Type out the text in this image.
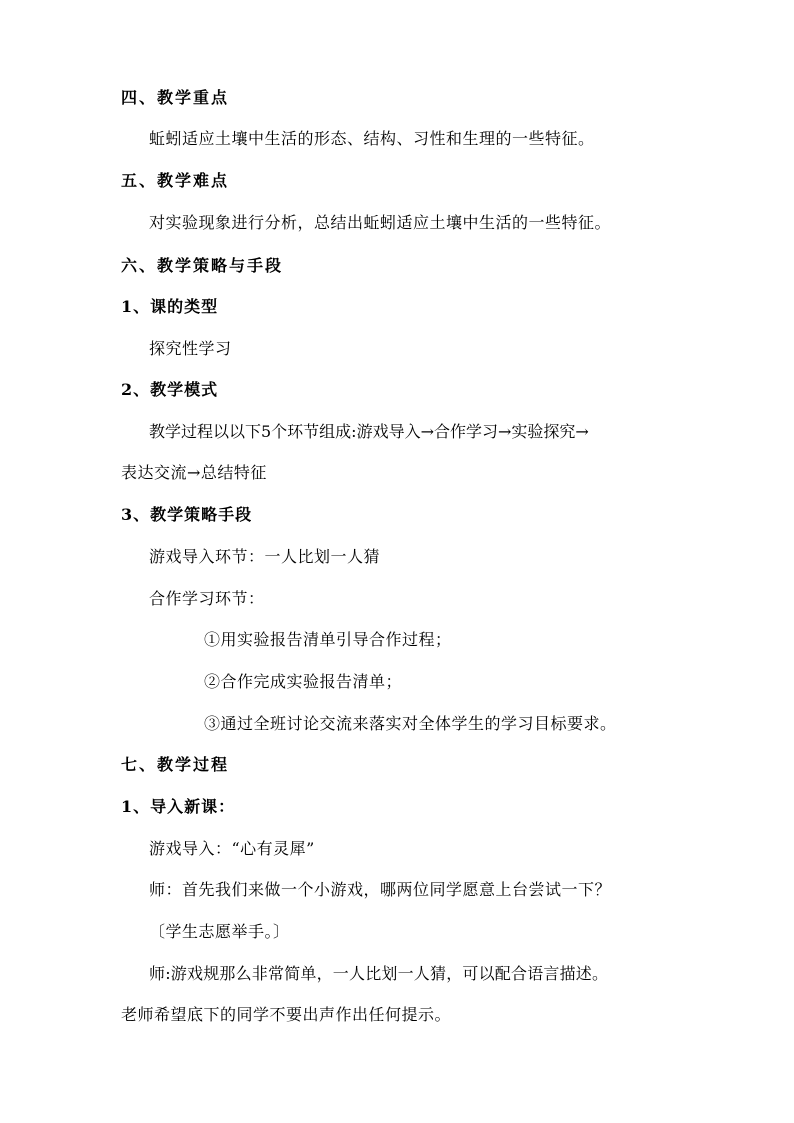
四、教学重点
蚯蚓适应土壤中生活的形态、结构、习性和生理的一些特征。
五、教学难点
对实验现象进行分析，总结出蚯蚓适应土壤中生活的一些特征。
六、教学策略与手段
1、课的类型
探究性学习
2、教学模式
教学过程以以下5个环节组成:游戏导入→合作学习→实验探究→
表达交流→总结特征
3、教学策略手段
游戏导入环节：一人比划一人猜
合作学习环节：
①用实验报告清单引导合作过程；
②合作完成实验报告清单；
③通过全班讨论交流来落实对全体学生的学习目标要求。
七、教学过程
1、导入新课：
游戏导入：“心有灵犀”
师：首先我们来做一个小游戏，哪两位同学愿意上台尝试一下？
〔学生志愿举手。〕
师:游戏规那么非常简单，一人比划一人猜，可以配合语言描述。
老师希望底下的同学不要出声作出任何提示。
